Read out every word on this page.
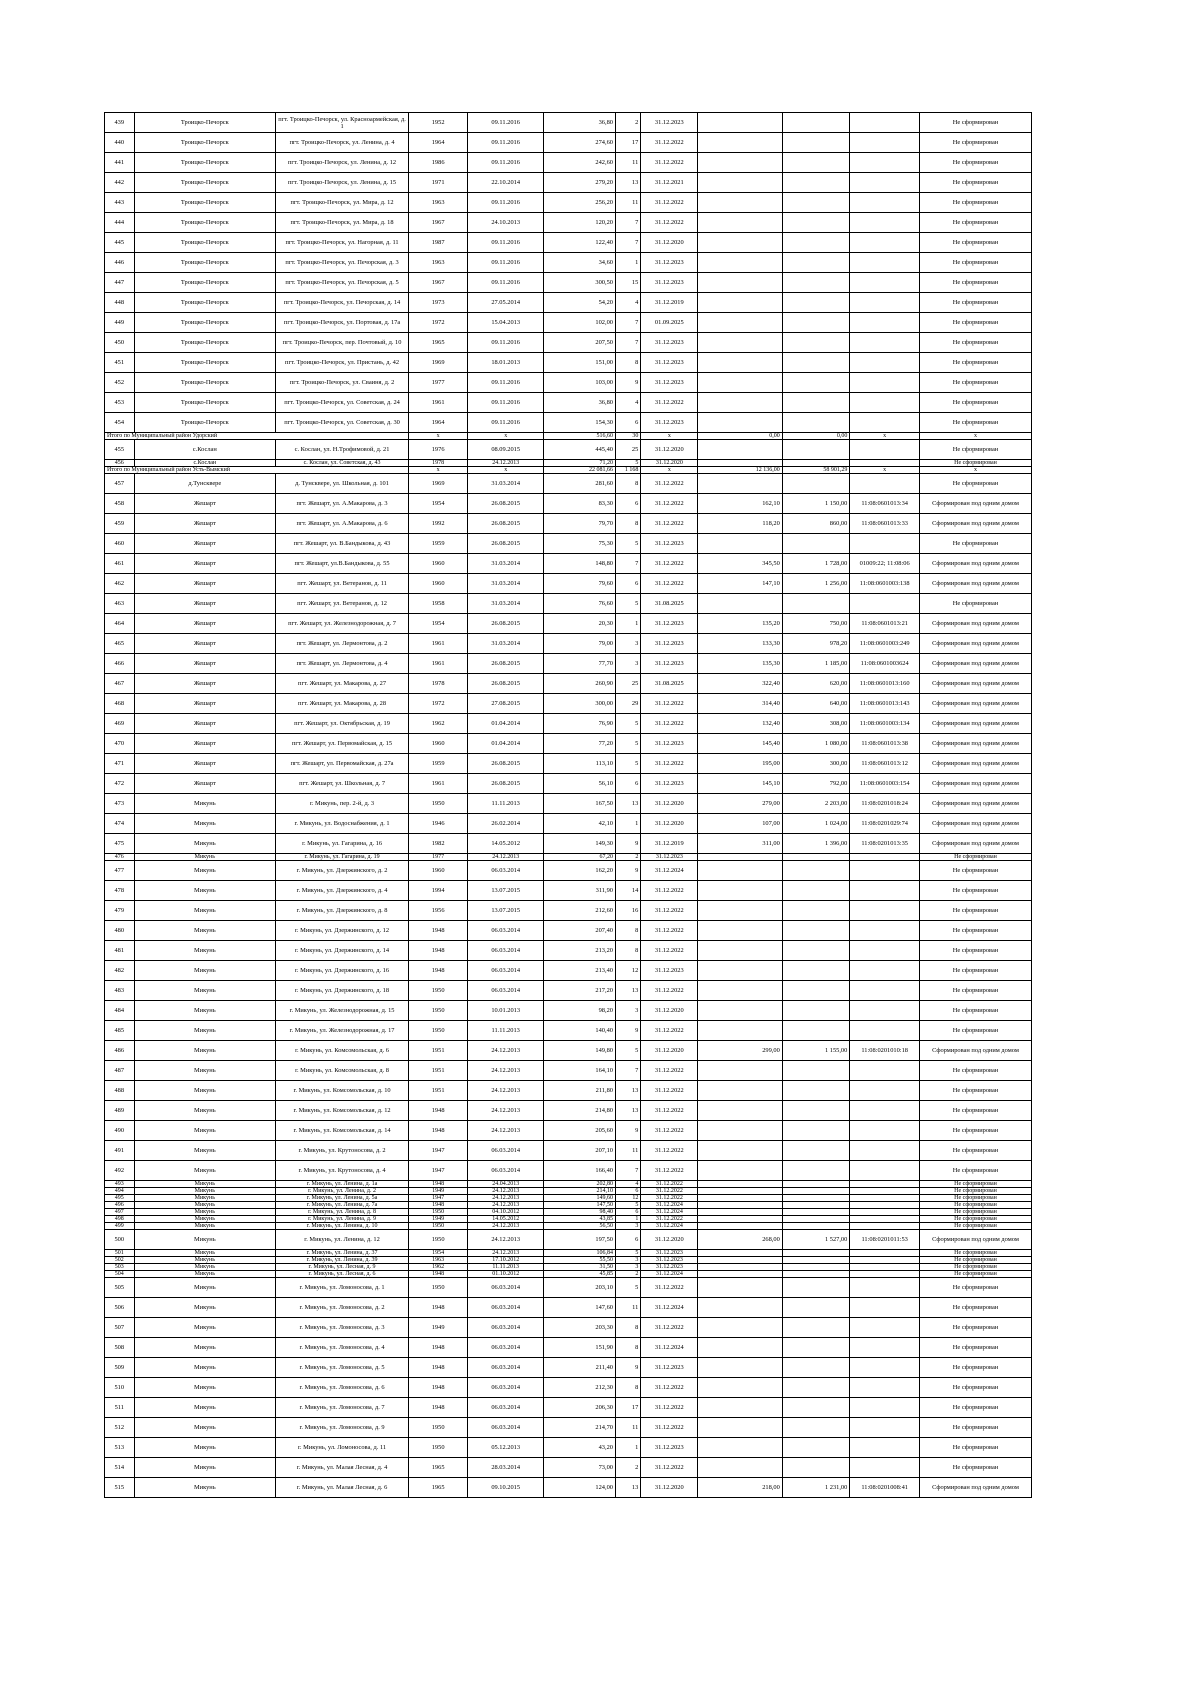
439	Троицко-Печорск	пгт. Троицко-Печорск, ул. Красноармейская, д. 1	1952	09.11.2016	36,80	2	31.12.2023				Не сформирован
440	Троицко-Печорск	пгт. Троицко-Печорск, ул. Ленина, д. 4	1964	09.11.2016	274,60	17	31.12.2022				Не сформирован
441	Троицко-Печорск	пгт. Троицко-Печорск, ул. Ленина, д. 12	1986	09.11.2016	242,60	11	31.12.2022				Не сформирован
442	Троицко-Печорск	пгт. Троицко-Печорск, ул. Ленина, д. 15	1971	22.10.2014	279,20	13	31.12.2021				Не сформирован
443	Троицко-Печорск	пгт. Троицко-Печорск, ул. Мира, д. 12	1963	09.11.2016	256,20	11	31.12.2022				Не сформирован
444	Троицко-Печорск	пгт. Троицко-Печорск, ул. Мира, д. 18	1967	24.10.2013	120,20	7	31.12.2022				Не сформирован
445	Троицко-Печорск	пгт. Троицко-Печорск, ул. Нагорная, д. 11	1987	09.11.2016	122,40	7	31.12.2020				Не сформирован
446	Троицко-Печорск	пгт. Троицко-Печорск, ул. Печорская, д. 3	1963	09.11.2016	34,60	1	31.12.2023				Не сформирован
447	Троицко-Печорск	пгт. Троицко-Печорск, ул. Печорская, д. 5	1967	09.11.2016	300,50	15	31.12.2023				Не сформирован
448	Троицко-Печорск	пгт. Троицко-Печорск, ул. Печорская, д. 14	1973	27.05.2014	54,20	4	31.12.2019				Не сформирован
449	Троицко-Печорск	пгт. Троицко-Печорск, ул. Портовая, д. 17а	1972	15.04.2013	102,00	7	01.09.2025				Не сформирован
450	Троицко-Печорск	пгт. Троицко-Печорск, пер. Почтовый, д. 10	1965	09.11.2016	207,50	7	31.12.2023				Не сформирован
451	Троицко-Печорск	пгт. Троицко-Печорск, ул. Пристань, д. 42	1969	18.01.2013	151,00	8	31.12.2023				Не сформирован
452	Троицко-Печорск	пгт. Троицко-Печорск, ул. Сваиня, д. 2	1977	09.11.2016	103,00	9	31.12.2023				Не сформирован
453	Троицко-Печорск	пгт. Троицко-Печорск, ул. Советская, д. 24	1961	09.11.2016	36,80	4	31.12.2022				Не сформирован
454	Троицко-Печорск	пгт. Троицко-Печорск, ул. Советская, д. 30	1964	09.11.2016	154,30	6	31.12.2023				Не сформирован
Итого по Муниципальный район Удорский			х	х	516,60	30	х	0,00	0,00	х	х
455	с.Кослан	с. Кослан, ул. Н.Трофимовой, д. 21	1976	08.09.2015	445,40	25	31.12.2020				Не сформирован
456	с.Кослан	с. Кослан, ул. Советская, д. 43	1978	24.12.2013	71,20	5	31.12.2020				Не сформирован
Итого по Муниципальный район Усть-Вымский			х	х	22 081,66	1 168	х	12 136,00	58 901,29	х	х
457	д.Тунсквере	д. Тунсквере, ул. Школьная, д. 101	1969	31.03.2014	281,60	8	31.12.2022				Не сформирован
458	Жешарт	пгт. Жешарт, ул. А.Макарова, д. 3	1954	26.08.2015	83,30	6	31.12.2022	162,10	1 150,00	11:08:0601013:34	Сформирован под одним домом
459	Жешарт	пгт. Жешарт, ул. А.Макарова, д. 6	1992	26.08.2015	79,70	8	31.12.2022	118,20	860,00	11:08:0601013:33	Сформирован под одним домом
460	Жешарт	пгт. Жешарт, ул. В.Бандыкова, д. 43	1959	26.08.2015	75,30	5	31.12.2023				Не сформирован
461	Жешарт	пгт. Жешарт, ул.В.Бандыкова, д. 55	1960	31.03.2014	148,80	7	31.12.2022	345,50	1 728,00	01009:22; 11:08:06	Сформирован под одним домом
462	Жешарт	пгт. Жешарт, ул. Ветеранов, д. 11	1960	31.03.2014	79,60	6	31.12.2022	147,10	1 256,00	11:08:0601003:138	Сформирован под одним домом
463	Жешарт	пгт. Жешарт, ул. Ветеранов, д. 12	1958	31.03.2014	76,60	5	31.08.2025				Не сформирован
464	Жешарт	пгт. Жешарт, ул. Железнодорожная, д. 7	1954	26.08.2015	20,30	1	31.12.2023	135,20	750,00	11:08:0601013:21	Сформирован под одним домом
465	Жешарт	пгт. Жешарт, ул. Лермонтова, д. 2	1961	31.03.2014	79,00	3	31.12.2023	133,30	978,20	11:08:0601003:249	Сформирован под одним домом
466	Жешарт	пгт. Жешарт, ул. Лермонтова, д. 4	1961	26.08.2015	77,70	3	31.12.2023	135,30	1 185,00	11:08:0601003624	Сформирован под одним домом
467	Жешарт	пгт. Жешарт, ул. Макарова, д. 27	1978	26.08.2015	260,90	25	31.08.2025	322,40	620,00	11:08:0601013:160	Сформирован под одним домом
468	Жешарт	пгт. Жешарт, ул. Макарова, д. 28	1972	27.08.2015	300,00	29	31.12.2022	314,40	640,00	11:08:0601013:143	Сформирован под одним домом
469	Жешарт	пгт. Жешарт, ул. Октябрьская, д. 19	1962	01.04.2014	76,90	5	31.12.2022	132,40	308,00	11:08:0601003:134	Сформирован под одним домом
470	Жешарт	пгт. Жешарт, ул. Первомайская, д. 15	1960	01.04.2014	77,20	5	31.12.2023	145,40	1 080,00	11:08:0601013:38	Сформирован под одним домом
471	Жешарт	пгт. Жешарт, ул. Первомайская, д. 27а	1959	26.08.2015	113,10	5	31.12.2022	195,00	300,00	11:08:0601013:12	Сформирован под одним домом
472	Жешарт	пгт. Жешарт, ул. Школьная, д. 7	1961	26.08.2015	56,10	6	31.12.2023	145,10	792,00	11:08:0601003:154	Сформирован под одним домом
473	Микунь	г. Микунь, пер. 2-й, д. 3	1950	11.11.2013	167,50	13	31.12.2020	279,00	2 203,00	11:08:0201018:24	Сформирован под одним домом
474	Микунь	г. Микунь, ул. Водоснабжения, д. 1	1946	26.02.2014	42,10	1	31.12.2020	107,00	1 024,00	11:08:0201029:74	Сформирован под одним домом
475	Микунь	г. Микунь, ул. Гагарина, д. 16	1982	14.05.2012	149,30	9	31.12.2019	311,00	1 396,00	11:08:0201013:35	Сформирован под одним домом
476	Микунь	г. Микунь, ул. Гагарина, д. 19	1977	24.12.2013	67,20	2	31.12.2023				Не сформирован
477	Микунь	г. Микунь, ул. Дзержинского, д. 2	1960	06.03.2014	162,20	9	31.12.2024				Не сформирован
478	Микунь	г. Микунь, ул. Дзержинского, д. 4	1994	13.07.2015	311,90	14	31.12.2022				Не сформирован
479	Микунь	г. Микунь, ул. Дзержинского, д. 8	1956	13.07.2015	212,60	16	31.12.2022				Не сформирован
480	Микунь	г. Микунь, ул. Дзержинского, д. 12	1948	06.03.2014	207,40	8	31.12.2022				Не сформирован
481	Микунь	г. Микунь, ул. Дзержинского, д. 14	1948	06.03.2014	213,20	8	31.12.2022				Не сформирован
482	Микунь	г. Микунь, ул. Дзержинского, д. 16	1948	06.03.2014	213,40	12	31.12.2023				Не сформирован
483	Микунь	г. Микунь, ул. Дзержинского, д. 18	1950	06.03.2014	217,20	13	31.12.2022				Не сформирован
484	Микунь	г. Микунь, ул. Железнодорожная, д. 15	1950	10.01.2013	98,20	3	31.12.2020				Не сформирован
485	Микунь	г. Микунь, ул. Железнодорожная, д. 17	1950	11.11.2013	140,40	9	31.12.2022				Не сформирован
486	Микунь	г. Микунь, ул. Комсомольская, д. 6	1951	24.12.2013	149,80	5	31.12.2020	299,00	1 155,00	11:08:0201010:18	Сформирован под одним домом
487	Микунь	г. Микунь, ул. Комсомольская, д. 8	1951	24.12.2013	164,10	7	31.12.2022				Не сформирован
488	Микунь	г. Микунь, ул. Комсомольская, д. 10	1951	24.12.2013	211,80	13	31.12.2022				Не сформирован
489	Микунь	г. Микунь, ул. Комсомольская, д. 12	1948	24.12.2013	214,80	13	31.12.2022				Не сформирован
490	Микунь	г. Микунь, ул. Комсомольская, д. 14	1948	24.12.2013	205,60	9	31.12.2022				Не сформирован
491	Микунь	г. Микунь, ул. Крутоносова, д. 2	1947	06.03.2014	207,10	11	31.12.2022				Не сформирован
492	Микунь	г. Микунь, ул. Крутоносова, д. 4	1947	06.03.2014	166,40	7	31.12.2022				Не сформирован
493	Микунь	г. Микунь, ул. Ленина, д. 1а	1948	24.04.2013	202,80	4	31.12.2022				Не сформирован
494	Микунь	г. Микунь, ул. Ленина, д. 2	1949	24.12.2013	214,10	6	31.12.2022				Не сформирован
495	Микунь	г. Микунь, ул. Ленина, д. 5а	1947	24.12.2013	149,60	12	31.12.2022				Не сформирован
496	Микунь	г. Микунь, ул. Ленина, д. 7а	1948	24.12.2013	147,50	5	31.12.2024				Не сформирован
497	Микунь	г. Микунь, ул. Ленина, д. 8	1950	04.10.2012	98,40	6	31.12.2024				Не сформирован
498	Микунь	г. Микунь, ул. Ленина, д. 9	1949	14.05.2012	43,85	1	31.12.2022				Не сформирован
499	Микунь	г. Микунь, ул. Ленина, д. 10	1950	24.12.2013	56,50	3	31.12.2024				Не сформирован
500	Микунь	г. Микунь, ул. Ленина, д. 12	1950	24.12.2013	197,50	6	31.12.2020	268,00	1 527,00	11:08:0201011:53	Сформирован под одним домом
501	Микунь	г. Микунь, ул. Ленина, д. 37	1954	24.12.2013	106,84	5	31.12.2023				Не сформирован
502	Микунь	г. Микунь, ул. Ленина, д. 39	1963	17.10.2012	55,50	3	31.12.2023				Не сформирован
503	Микунь	г. Микунь, ул. Лесная, д. 9	1962	11.11.2013	31,50	3	31.12.2023				Не сформирован
504	Микунь	г. Микунь, ул. Лесная, д. 6	1948	01.10.2012	45,85	2	31.12.2024				Не сформирован
505	Микунь	г. Микунь, ул. Ломоносова, д. 1	1950	06.03.2014	203,10	5	31.12.2022				Не сформирован
506	Микунь	г. Микунь, ул. Ломоносова, д. 2	1948	06.03.2014	147,60	11	31.12.2024				Не сформирован
507	Микунь	г. Микунь, ул. Ломоносова, д. 3	1949	06.03.2014	203,30	8	31.12.2022				Не сформирован
508	Микунь	г. Микунь, ул. Ломоносова, д. 4	1948	06.03.2014	151,90	8	31.12.2024				Не сформирован
509	Микунь	г. Микунь, ул. Ломоносова, д. 5	1948	06.03.2014	211,40	9	31.12.2023				Не сформирован
510	Микунь	г. Микунь, ул. Ломоносова, д. 6	1948	06.03.2014	212,30	8	31.12.2022				Не сформирован
511	Микунь	г. Микунь, ул. Ломоносова, д. 7	1948	06.03.2014	206,30	17	31.12.2022				Не сформирован
512	Микунь	г. Микунь, ул. Ломоносова, д. 9	1950	06.03.2014	214,70	11	31.12.2022				Не сформирован
513	Микунь	г. Микунь, ул. Ломоносова, д. 11	1950	05.12.2013	43,20	1	31.12.2023				Не сформирован
514	Микунь	г. Микунь, ул. Малая Лесная, д. 4	1965	28.03.2014	73,00	2	31.12.2022				Не сформирован
515	Микунь	г. Микунь, ул. Малая Лесная, д. 6	1965	09.10.2015	124,00	13	31.12.2020	218,00	1 231,00	11:08:0201008:41	Сформирован под одним домом
